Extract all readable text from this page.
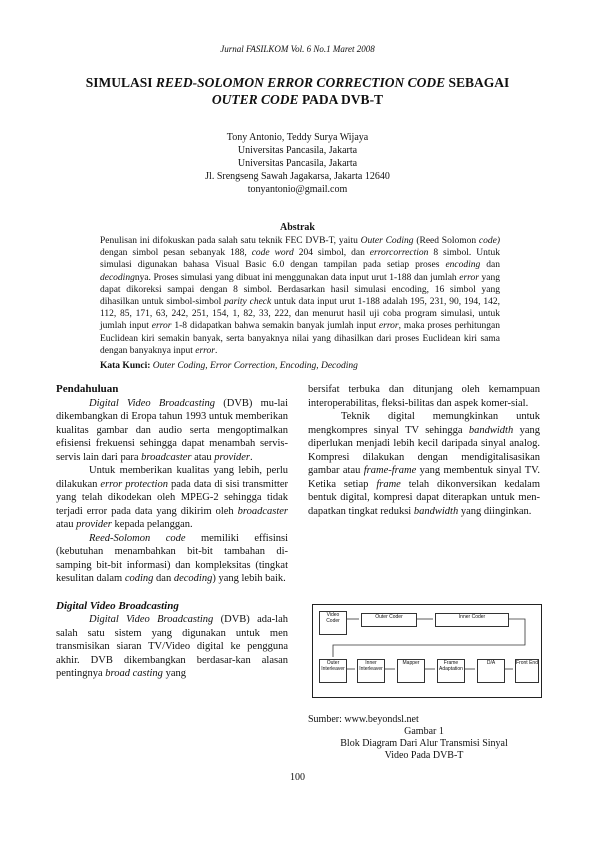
Jurnal FASILKOM Vol. 6 No.1 Maret 2008
SIMULASI REED-SOLOMON ERROR CORRECTION CODE SEBAGAI
OUTER CODE PADA DVB-T
Tony Antonio, Teddy Surya Wijaya
Universitas Pancasila, Jakarta
Universitas Pancasila, Jakarta
Jl. Srengseng Sawah Jagakarsa, Jakarta 12640
tonyantonio@gmail.com
Abstrak
Penulisan ini difokuskan pada salah satu teknik FEC DVB-T, yaitu Outer Coding (Reed Solomon code) dengan simbol pesan sebanyak 188, code word 204 simbol, dan errorcorrection 8 simbol. Untuk simulasi digunakan bahasa Visual Basic 6.0 dengan tampilan pada setiap proses encoding dan decodingnya. Proses simulasi yang dibuat ini menggunakan data input urut 1-188 dan jumlah error yang dapat dikoreksi sampai dengan 8 simbol. Berdasarkan hasil simulasi encoding, 16 simbol yang dihasilkan untuk simbol-simbol parity check untuk data input urut 1-188 adalah 195, 231, 90, 194, 142, 112, 85, 171, 63, 242, 251, 154, 1, 82, 33, 222, dan menurut hasil uji coba program simulasi, untuk jumlah input error 1-8 didapatkan bahwa semakin banyak jumlah input error, maka proses perhitungan Euclidean kiri semakin banyak, serta banyaknya nilai yang dihasilkan dari proses Euclidean kiri sama dengan banyaknya input error.
Kata Kunci: Outer Coding, Error Correction, Encoding, Decoding

Pendahuluan

Digital Video Broadcasting (DVB) mu-lai dikembangkan di Eropa tahun 1993 untuk memberikan kualitas gambar dan audio serta mengoptimalkan efisiensi frekuensi sehingga dapat menambah servis-servis lain dari para broadcaster atau provider.

Untuk memberikan kualitas yang lebih, perlu dilakukan error protection pada data di sisi transmitter yang telah dikodekan oleh MPEG-2 sehingga tidak terjadi error pada data yang dikirim oleh broadcaster atau provider kepada pelanggan.

Reed-Solomon code memiliki effisinsi (kebutuhan menambahkan bit-bit tambahan di-samping bit-bit informasi) dan kompleksitas (tingkat kesulitan dalam coding dan decoding) yang lebih baik.

Digital Video Broadcasting

Digital Video Broadcasting (DVB) ada-lah salah satu sistem yang digunakan untuk men transmisikan siaran TV/Video digital ke pengguna akhir. DVB dikembangkan berdasar-kan alasan pentingnya broad casting yang

bersifat terbuka dan ditunjang oleh kemampuan interoperabilitas, fleksi-bilitas dan aspek komer-sial.

Teknik digital memungkinkan untuk mengkompres sinyal TV sehingga bandwidth yang diperlukan menjadi lebih kecil daripada sinyal analog. Kompresi dilakukan dengan mendigitalisasikan gambar atau frame-frame yang membentuk sinyal TV. Ketika setiap frame telah dikonversikan kedalam bentuk digital, kompresi dapat diterapkan untuk men-dapatkan tingkat reduksi bandwidth yang diinginkan.

Video Coder
Outer Coder	Inner Coder
Outer Interleaver
Inner Interleaver
Mapper	Frame Adaptation
D/A	Front End
Sumber: www.beyondsl.net
Gambar 1
Blok Diagram Dari Alur Transmisi Sinyal
Video Pada DVB-T
100
